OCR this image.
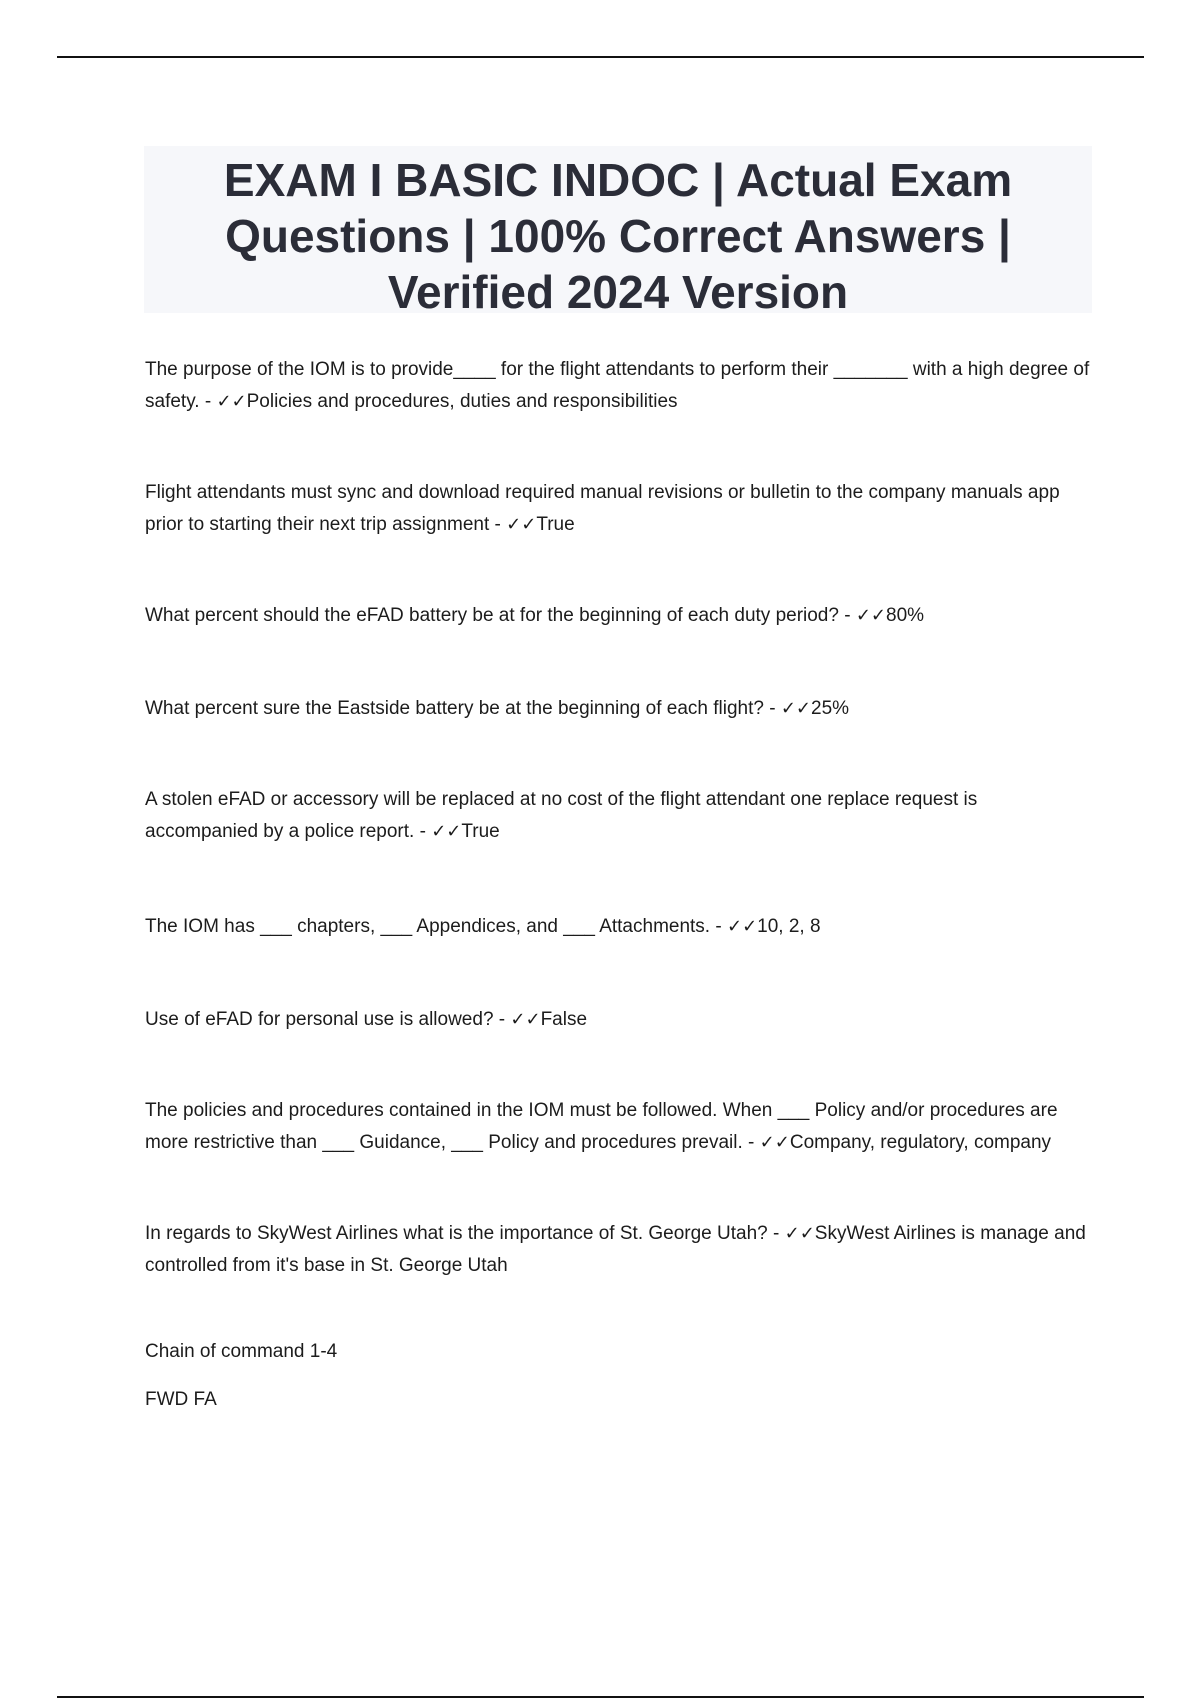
EXAM I BASIC INDOC | Actual Exam Questions | 100% Correct Answers | Verified 2024 Version

The purpose of the IOM is to provide____ for the flight attendants to perform their _______ with a high degree of safety. - ✓✓Policies and procedures, duties and responsibilities

Flight attendants must sync and download required manual revisions or bulletin to the company manuals app prior to starting their next trip assignment - ✓✓True

What percent should the eFAD battery be at for the beginning of each duty period? - ✓✓80%

What percent sure the Eastside battery be at the beginning of each flight? - ✓✓25%

A stolen eFAD or accessory will be replaced at no cost of the flight attendant one replace request is accompanied by a police report. - ✓✓True

The IOM has ___ chapters, ___ Appendices, and ___ Attachments. - ✓✓10, 2, 8

Use of eFAD for personal use is allowed? - ✓✓False

The policies and procedures contained in the IOM must be followed. When ___ Policy and/or procedures are more restrictive than ___ Guidance, ___ Policy and procedures prevail. - ✓✓Company, regulatory, company

In regards to SkyWest Airlines what is the importance of St. George Utah? - ✓✓SkyWest Airlines is manage and controlled from it's base in St. George Utah

Chain of command 1-4

FWD FA
